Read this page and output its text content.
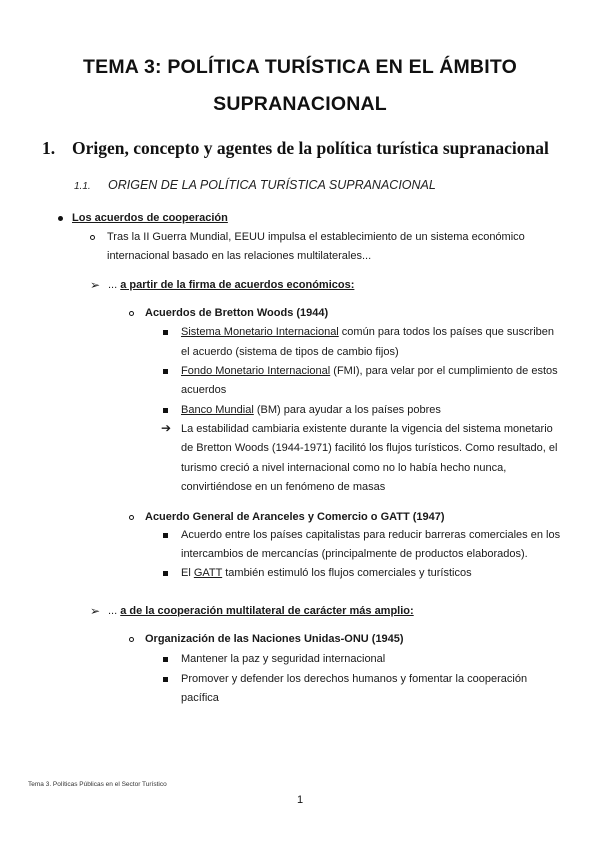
TEMA 3: POLÍTICA TURÍSTICA EN EL ÁMBITO
SUPRANACIONAL
1. Origen, concepto y agentes de la política turística supranacional
1.1. ORIGEN DE LA POLÍTICA TURÍSTICA SUPRANACIONAL
Los acuerdos de cooperación
Tras la II Guerra Mundial, EEUU impulsa el establecimiento de un sistema económico
internacional basado en las relaciones multilaterales...
➢ ... a partir de la firma de acuerdos económicos:
Acuerdos de Bretton Woods (1944)
Sistema Monetario Internacional común para todos los países que suscriben
el acuerdo (sistema de tipos de cambio fijos)
Fondo Monetario Internacional (FMI), para velar por el cumplimiento de estos
acuerdos
Banco Mundial (BM) para ayudar a los países pobres
➔ La estabilidad cambiaria existente durante la vigencia del sistema monetario
de Bretton Woods (1944-1971) facilitó los flujos turísticos. Como resultado, el
turismo creció a nivel internacional como no lo había hecho nunca,
convirtiéndose en un fenómeno de masas
Acuerdo General de Aranceles y Comercio o GATT (1947)
Acuerdo entre los países capitalistas para reducir barreras comerciales en los
intercambios de mercancías (principalmente de productos elaborados).
El GATT también estimuló los flujos comerciales y turísticos
➢ ... a de la cooperación multilateral de carácter más amplio:
Organización de las Naciones Unidas-ONU (1945)
Mantener la paz y seguridad internacional
Promover y defender los derechos humanos y fomentar la cooperación
pacífica
Tema 3. Políticas Públicas en el Sector Turístico
1
